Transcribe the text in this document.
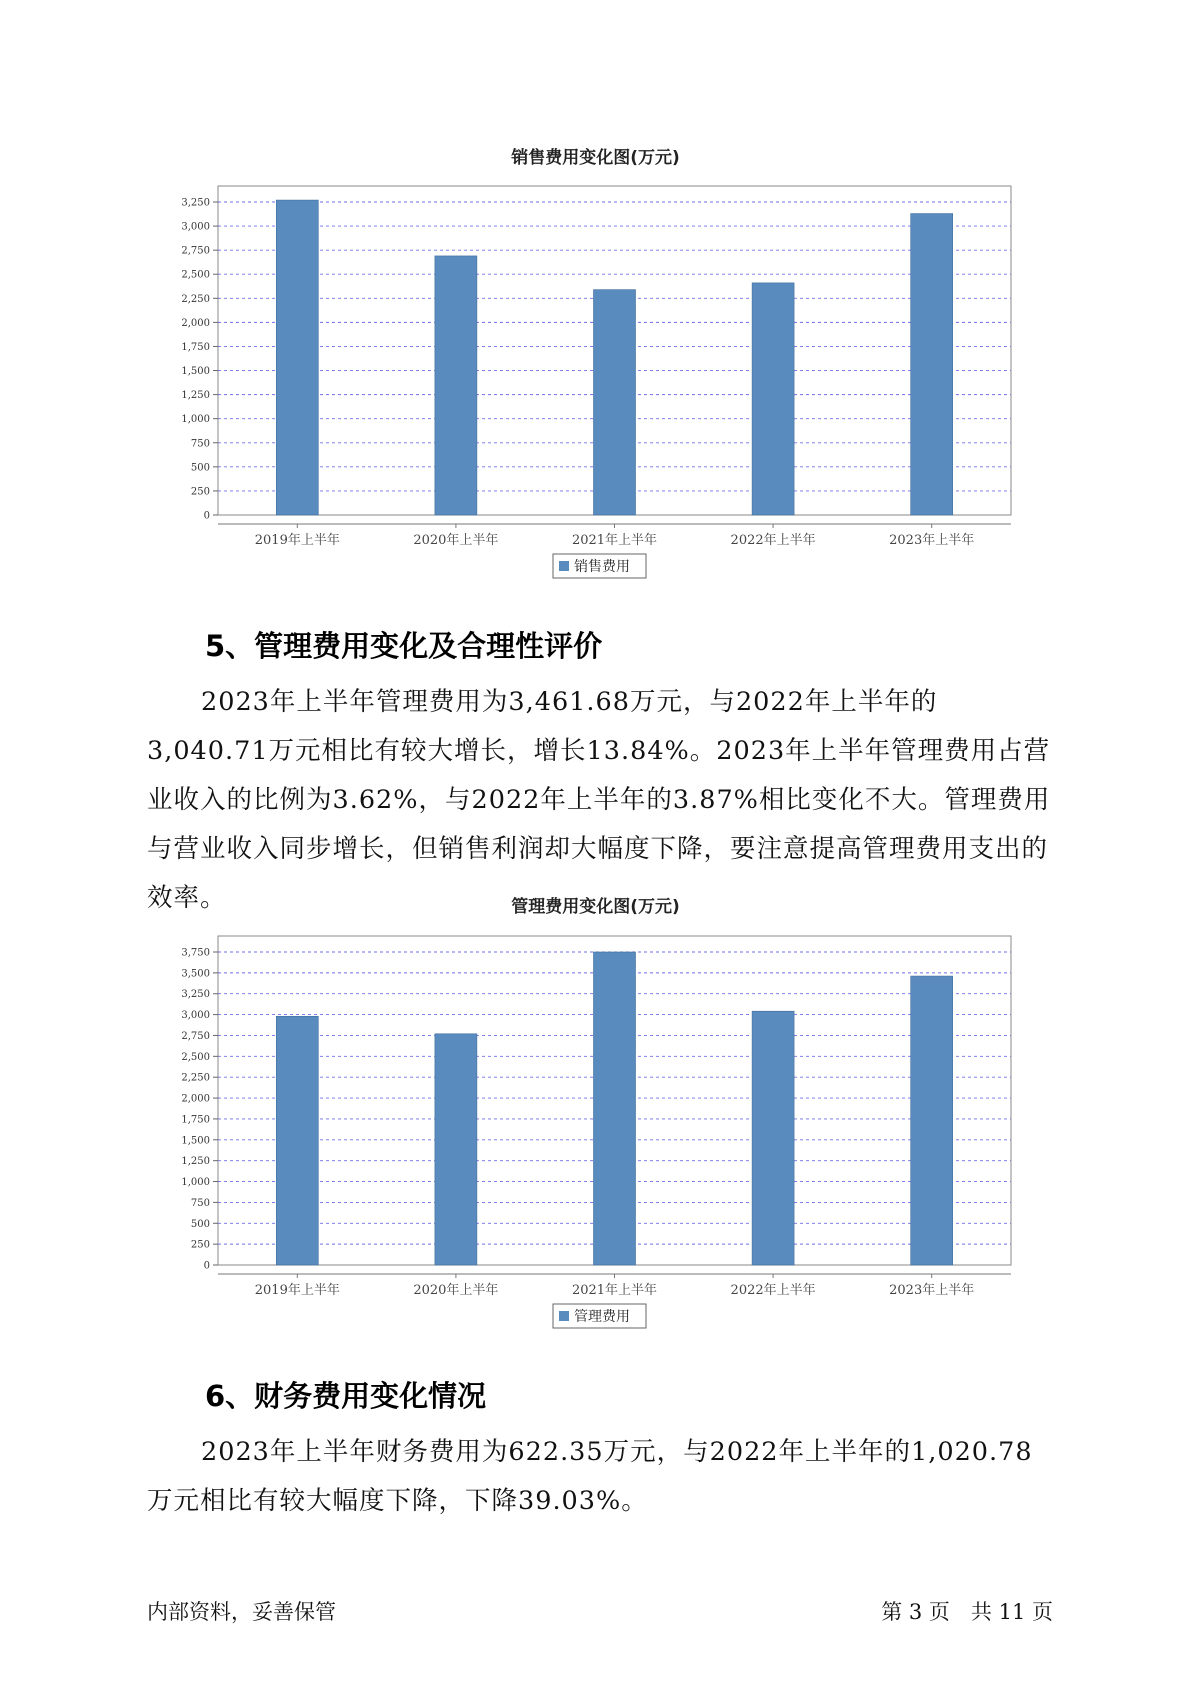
销售费用变化图(万元)
0
250
500
750
1,000
1,250
1,500
1,750
2,000
2,250
2,500
2,750
3,000
3,250
2019年上半年	2020年上半年	2021年上半年	2022年上半年	2023年上半年
销售费用
5、管理费用变化及合理性评价

2023年上半年管理费用为3,461.68万元，与2022年上半年的3,040.71万元相比有较大增长，增长13.84%。2023年上半年管理费用占营业收入的比例为3.62%，与2022年上半年的3.87%相比变化不大。管理费用与营业收入同步增长，但销售利润却大幅度下降，要注意提高管理费用支出的效率。	管理费用变化图(万元)
0
250
500
750
1,000
1,250
1,500
1,750
2,000
2,250
2,500
2,750
3,000
3,250
3,500
3,750
2019年上半年	2020年上半年	2021年上半年	2022年上半年	2023年上半年
管理费用
6、财务费用变化情况

2023年上半年财务费用为622.35万元，与2022年上半年的1,020.78万元相比有较大幅度下降，下降39.03%。

内部资料，妥善保管	第 3 页　共 11 页
